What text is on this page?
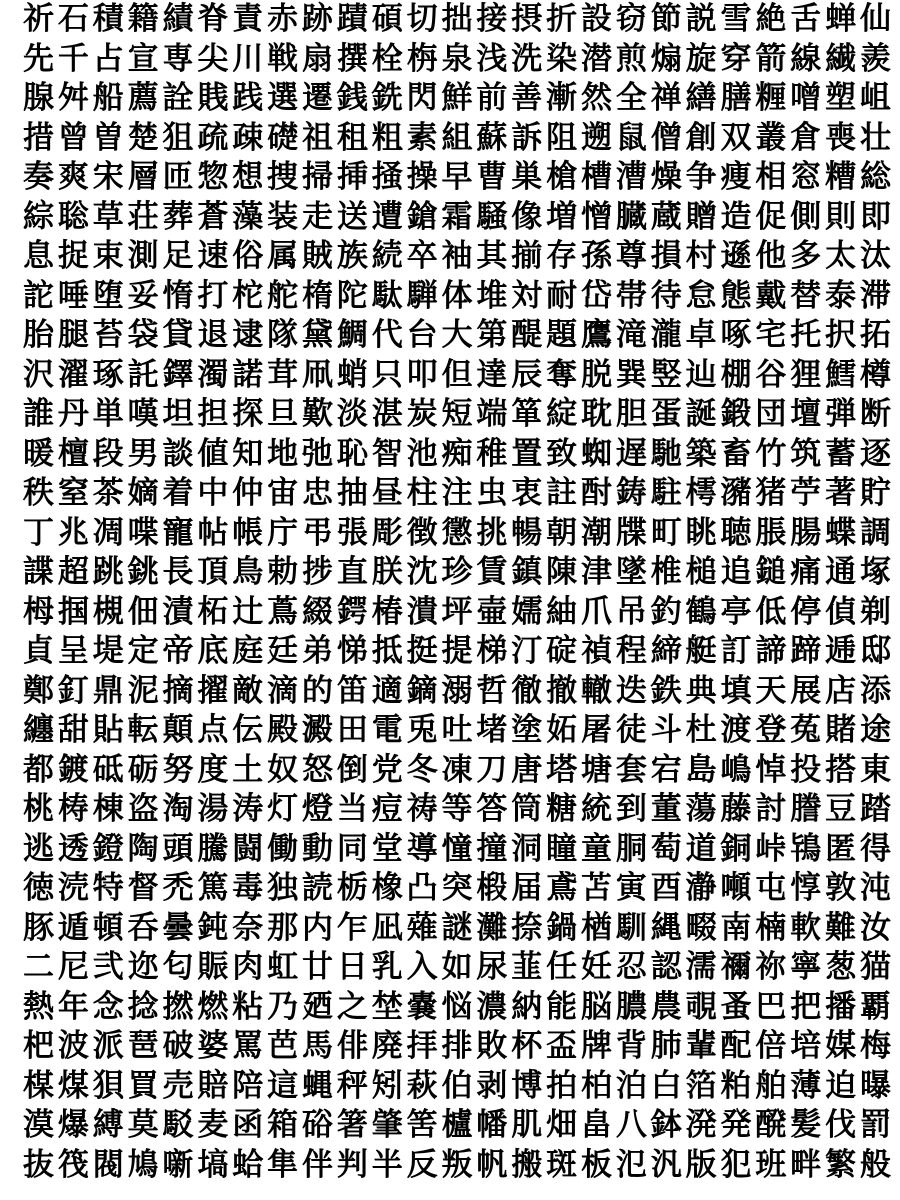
祈 石 積 籍 績 脊 責 赤 跡 蹟 碩 切 拙 接 摂 折 設 窃 節 説 雪 絶 舌 蝉 仙
先 千 占 宣 専 尖 川 戦 扇 撰 栓 栴 泉 浅 洗 染 潜 煎 煽 旋 穿 箭 線 繊 羨
腺 舛 船 薦 詮 賎 践 選 遷 銭 銑 閃 鮮 前 善 漸 然 全 禅 繕 膳 糎 噌 塑 岨
措 曾 曽 楚 狙 疏 疎 礎 祖 租 粗 素 組 蘇 訴 阻 遡 鼠 僧 創 双 叢 倉 喪 壮
奏 爽 宋 層 匝 惣 想 捜 掃 挿 掻 操 早 曹 巣 槍 槽 漕 燥 争 痩 相 窓 糟 総
綜 聡 草 荘 葬 蒼 藻 装 走 送 遭 鎗 霜 騒 像 増 憎 臓 蔵 贈 造 促 側 則 即
息 捉 束 測 足 速 俗 属 賊 族 続 卒 袖 其 揃 存 孫 尊 損 村 遜 他 多 太 汰
詑 唾 堕 妥 惰 打 柁 舵 楕 陀 駄 騨 体 堆 対 耐 岱 帯 待 怠 態 戴 替 泰 滞
胎 腿 苔 袋 貸 退 逮 隊 黛 鯛 代 台 大 第 醍 題 鷹 滝 瀧 卓 啄 宅 托 択 拓
沢 濯 琢 託 鐸 濁 諾 茸 凧 蛸 只 叩 但 達 辰 奪 脱 巽 竪 辿 棚 谷 狸 鱈 樽
誰 丹 単 嘆 坦 担 探 旦 歎 淡 湛 炭 短 端 箪 綻 耽 胆 蛋 誕 鍛 団 壇 弾 断
暖 檀 段 男 談 値 知 地 弛 恥 智 池 痴 稚 置 致 蜘 遅 馳 築 畜 竹 筑 蓄 逐
秩 窒 茶 嫡 着 中 仲 宙 忠 抽 昼 柱 注 虫 衷 註 酎 鋳 駐 樗 瀦 猪 苧 著 貯
丁 兆 凋 喋 寵 帖 帳 庁 弔 張 彫 徴 懲 挑 暢 朝 潮 牒 町 眺 聴 脹 腸 蝶 調
諜 超 跳 銚 長 頂 鳥 勅 捗 直 朕 沈 珍 賃 鎮 陳 津 墜 椎 槌 追 鎚 痛 通 塚
栂 掴 槻 佃 漬 柘 辻 蔦 綴 鍔 椿 潰 坪 壷 嬬 紬 爪 吊 釣 鶴 亭 低 停 偵 剃
貞 呈 堤 定 帝 底 庭 廷 弟 悌 抵 挺 提 梯 汀 碇 禎 程 締 艇 訂 諦 蹄 逓 邸
鄭 釘 鼎 泥 摘 擢 敵 滴 的 笛 適 鏑 溺 哲 徹 撤 轍 迭 鉄 典 填 天 展 店 添
纏 甜 貼 転 顛 点 伝 殿 澱 田 電 兎 吐 堵 塗 妬 屠 徒 斗 杜 渡 登 菟 賭 途
都 鍍 砥 砺 努 度 土 奴 怒 倒 党 冬 凍 刀 唐 塔 塘 套 宕 島 嶋 悼 投 搭 東
桃 梼 棟 盗 淘 湯 涛 灯 燈 当 痘 祷 等 答 筒 糖 統 到 董 蕩 藤 討 謄 豆 踏
逃 透 鐙 陶 頭 騰 闘 働 動 同 堂 導 憧 撞 洞 瞳 童 胴 萄 道 銅 峠 鴇 匿 得
徳 涜 特 督 禿 篤 毒 独 読 栃 橡 凸 突 椴 届 鳶 苫 寅 酉 瀞 噸 屯 惇 敦 沌
豚 遁 頓 呑 曇 鈍 奈 那 内 乍 凪 薙 謎 灘 捺 鍋 楢 馴 縄 畷 南 楠 軟 難 汝
二 尼 弐 迩 匂 賑 肉 虹 廿 日 乳 入 如 尿 韮 任 妊 忍 認 濡 禰 祢 寧 葱 猫
熱 年 念 捻 撚 燃 粘 乃 廼 之 埜 嚢 悩 濃 納 能 脳 膿 農 覗 蚤 巴 把 播 覇
杷 波 派 琶 破 婆 罵 芭 馬 俳 廃 拝 排 敗 杯 盃 牌 背 肺 輩 配 倍 培 媒 梅
楳 煤 狽 買 売 賠 陪 這 蝿 秤 矧 萩 伯 剥 博 拍 柏 泊 白 箔 粕 舶 薄 迫 曝
漠 爆 縛 莫 駁 麦 函 箱 硲 箸 肇 筈 櫨 幡 肌 畑 畠 八 鉢 溌 発 醗 髪 伐 罰
抜 筏 閥 鳩 噺 塙 蛤 隼 伴 判 半 反 叛 帆 搬 斑 板 氾 汎 版 犯 班 畔 繁 般
